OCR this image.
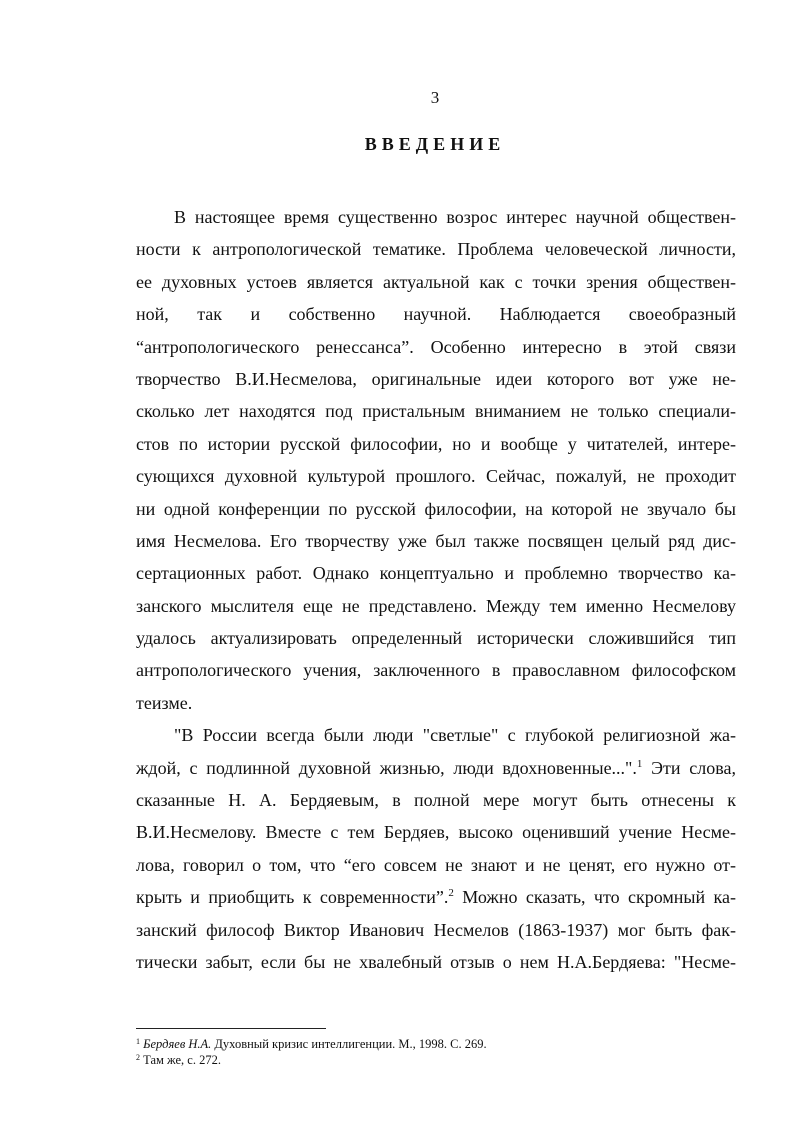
3
ВВЕДЕНИЕ
В настоящее время существенно возрос интерес научной обществен-
ности к антропологической тематике. Проблема человеческой личности,
ее духовных устоев является актуальной как с точки зрения обществен-
ной, так и собственно научной. Наблюдается своеобразный
“антропологического ренессанса”. Особенно интересно в этой связи
творчество В.И.Несмелова, оригинальные идеи которого вот уже не-
сколько лет находятся под пристальным вниманием не только специали-
стов по истории русской философии, но и вообще у читателей, интере-
сующихся духовной культурой прошлого. Сейчас, пожалуй, не проходит
ни одной конференции по русской философии, на которой не звучало бы
имя Несмелова. Его творчеству уже был также посвящен целый ряд дис-
сертационных работ. Однако концептуально и проблемно творчество ка-
занского мыслителя еще не представлено. Между тем именно Несмелову
удалось актуализировать определенный исторически сложившийся тип
антропологического учения, заключенного в православном философском
теизме.
"В России всегда были люди "светлые" с глубокой религиозной жа-
ждой, с подлинной духовной жизнью, люди вдохновенные...".$^1$ Эти слова,
сказанные Н. А. Бердяевым, в полной мере могут быть отнесены к
В.И.Несмелову. Вместе с тем Бердяев, высоко оценивший учение Несме-
лова, говорил о том, что “его совсем не знают и не ценят, его нужно от-
крыть и приобщить к современности”.$^2$ Можно сказать, что скромный ка-
занский философ Виктор Иванович Несмелов (1863-1937) мог быть фак-
тически забыт, если бы не хвалебный отзыв о нем Н.А.Бердяева: "Несме-
$^1$ Бердяев Н.А. Духовный кризис интеллигенции. М., 1998. С. 269.
$^2$ Там же, с. 272.
